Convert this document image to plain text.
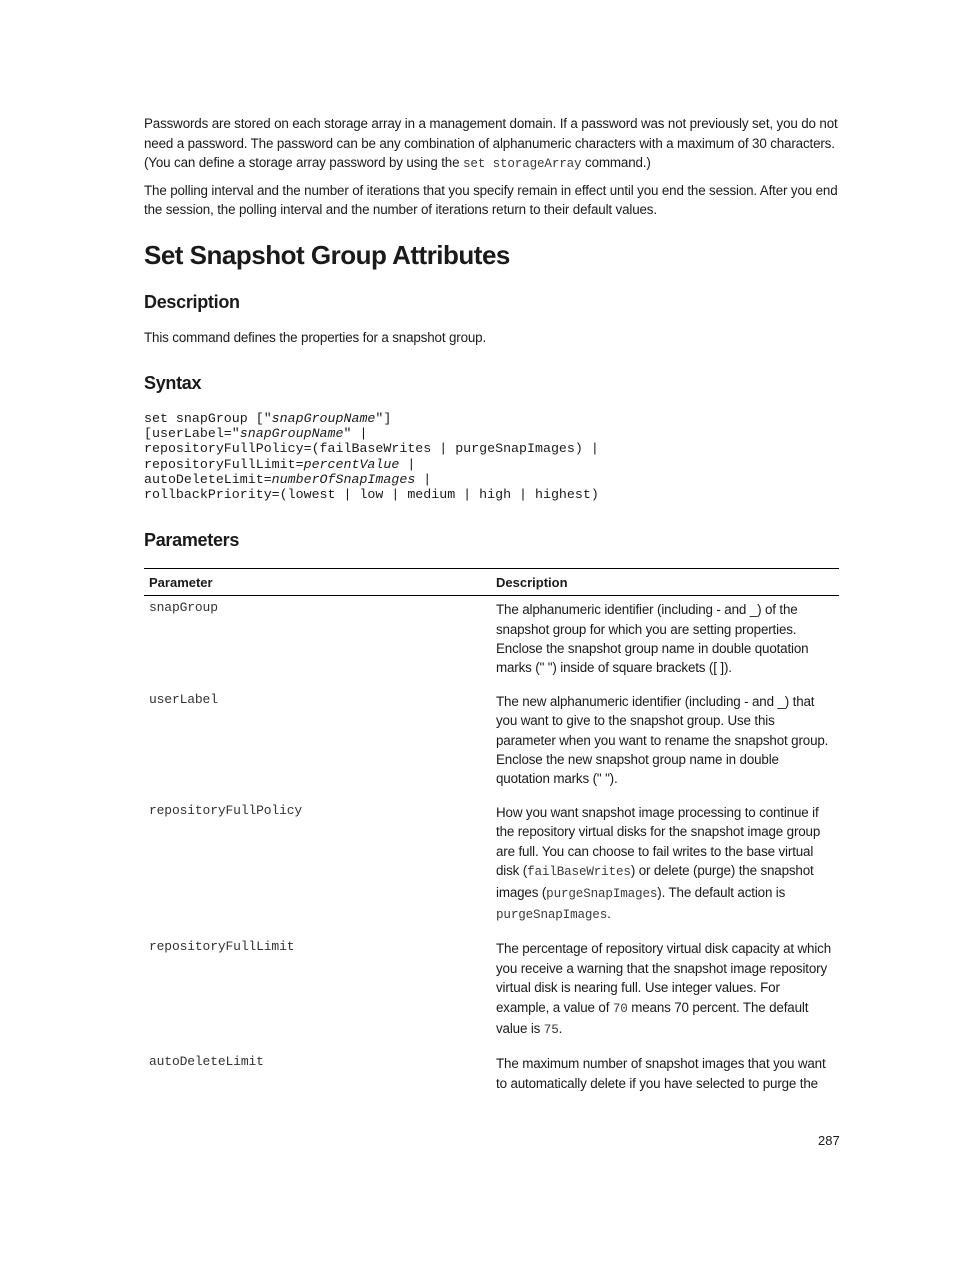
Passwords are stored on each storage array in a management domain. If a password was not previously set, you do not need a password. The password can be any combination of alphanumeric characters with a maximum of 30 characters. (You can define a storage array password by using the set storageArray command.)

The polling interval and the number of iterations that you specify remain in effect until you end the session. After you end the session, the polling interval and the number of iterations return to their default values.

Set Snapshot Group Attributes
Description

This command defines the properties for a snapshot group.

Syntax
set snapGroup ["snapGroupName"]
[userLabel="snapGroupName" |
repositoryFullPolicy=(failBaseWrites | purgeSnapImages) |
repositoryFullLimit=percentValue |
autoDeleteLimit=numberOfSnapImages |
rollbackPriority=(lowest | low | medium | high | highest)
Parameters
Parameter	Description
snapGroup	The alphanumeric identifier (including - and _) of the snapshot group for which you are setting properties. Enclose the snapshot group name in double quotation marks (" ") inside of square brackets ([ ]).
userLabel	The new alphanumeric identifier (including - and _) that you want to give to the snapshot group. Use this parameter when you want to rename the snapshot group. Enclose the new snapshot group name in double quotation marks (" ").
repositoryFullPolicy	How you want snapshot image processing to continue if the repository virtual disks for the snapshot image group are full. You can choose to fail writes to the base virtual disk (failBaseWrites) or delete (purge) the snapshot images (purgeSnapImages). The default action is purgeSnapImages.
repositoryFullLimit	The percentage of repository virtual disk capacity at which you receive a warning that the snapshot image repository virtual disk is nearing full. Use integer values. For example, a value of 70 means 70 percent. The default value is 75.
autoDeleteLimit	The maximum number of snapshot images that you want to automatically delete if you have selected to purge the
287
